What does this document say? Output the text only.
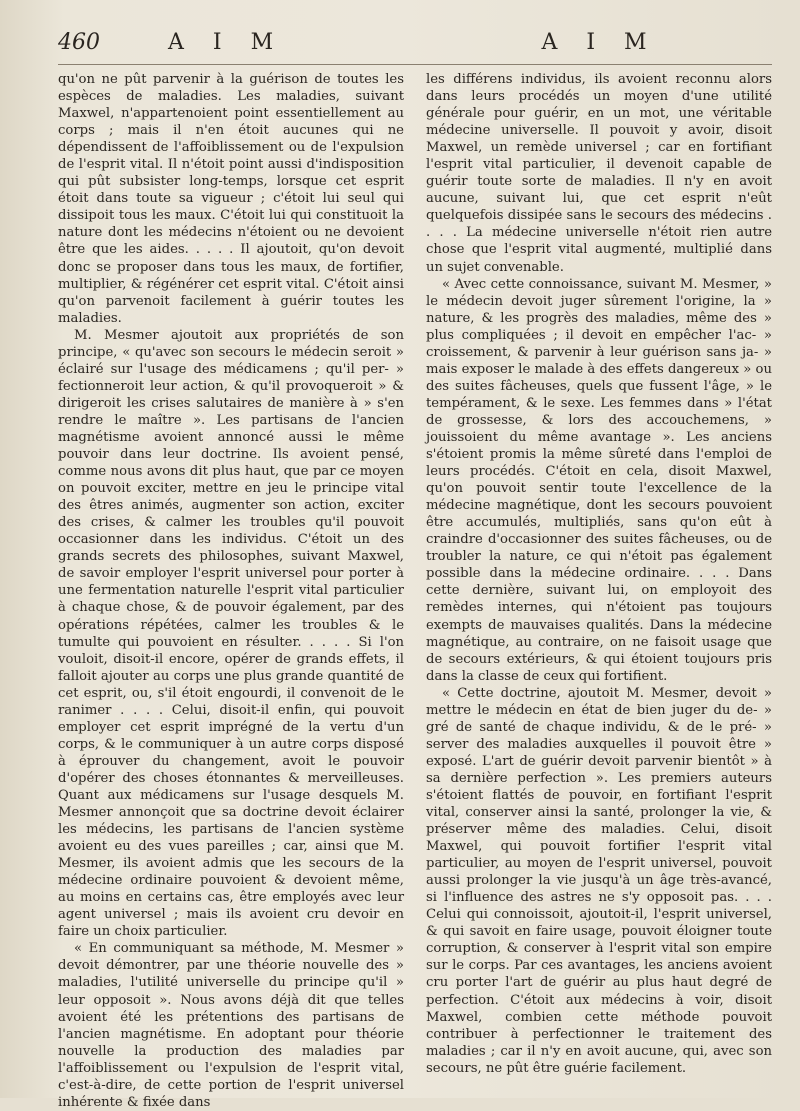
460	A I M	A I M

qu'on ne pût parvenir à la guérison de toutes les espèces de maladies. Les maladies, suivant Maxwel, n'appartenoient point essentiellement au corps ; mais il n'en étoit aucunes qui ne dépendissent de l'affoiblissement ou de l'expulsion de l'esprit vital. Il n'étoit point aussi d'indisposition qui pût subsister long-temps, lorsque cet esprit étoit dans toute sa vigueur ; c'étoit lui seul qui dissipoit tous les maux. C'étoit lui qui constituoit la nature dont les médecins n'étoient ou ne devoient être que les aides. . . . . Il ajoutoit, qu'on devoit donc se proposer dans tous les maux, de fortifier, multiplier, & régénérer cet esprit vital. C'étoit ainsi qu'on parvenoit facilement à guérir toutes les maladies.

M. Mesmer ajoutoit aux propriétés de son principe, « qu'avec son secours le médecin seroit » éclairé sur l'usage des médicamens ; qu'il per- » fectionneroit leur action, & qu'il provoqueroit » & dirigeroit les crises salutaires de manière à » s'en rendre le maître ». Les partisans de l'ancien magnétisme avoient annoncé aussi le même pouvoir dans leur doctrine. Ils avoient pensé, comme nous avons dit plus haut, que par ce moyen on pouvoit exciter, mettre en jeu le principe vital des êtres animés, augmenter son action, exciter des crises, & calmer les troubles qu'il pouvoit occasionner dans les individus. C'étoit un des grands secrets des philosophes, suivant Maxwel, de savoir employer l'esprit universel pour porter à une fermentation naturelle l'esprit vital particulier à chaque chose, & de pouvoir également, par des opérations répétées, calmer les troubles & le tumulte qui pouvoient en résulter. . . . . Si l'on vouloit, disoit-il encore, opérer de grands effets, il falloit ajouter au corps une plus grande quantité de cet esprit, ou, s'il étoit engourdi, il convenoit de le ranimer . . . . Celui, disoit-il enfin, qui pouvoit employer cet esprit imprégné de la vertu d'un corps, & le communiquer à un autre corps disposé à éprouver du changement, avoit le pouvoir d'opérer des choses étonnantes & merveilleuses. Quant aux médicamens sur l'usage desquels M. Mesmer annonçoit que sa doctrine devoit éclairer les médecins, les partisans de l'ancien système avoient eu des vues pareilles ; car, ainsi que M. Mesmer, ils avoient admis que les secours de la médecine ordinaire pouvoient & devoient même, au moins en certains cas, être employés avec leur agent universel ; mais ils avoient cru devoir en faire un choix particulier.

« En communiquant sa méthode, M. Mesmer » devoit démontrer, par une théorie nouvelle des » maladies, l'utilité universelle du principe qu'il » leur opposoit ». Nous avons déjà dit que telles avoient été les prétentions des partisans de l'ancien magnétisme. En adoptant pour théorie nouvelle la production des maladies par l'affoiblissement ou l'expulsion de l'esprit vital, c'est-à-dire, de cette portion de l'esprit universel inhérente & fixée dans

les différens individus, ils avoient reconnu alors dans leurs procédés un moyen d'une utilité générale pour guérir, en un mot, une véritable médecine universelle. Il pouvoit y avoir, disoit Maxwel, un remède universel ; car en fortifiant l'esprit vital particulier, il devenoit capable de guérir toute sorte de maladies. Il n'y en avoit aucune, suivant lui, que cet esprit n'eût quelquefois dissipée sans le secours des médecins . . . . La médecine universelle n'étoit rien autre chose que l'esprit vital augmenté, multiplié dans un sujet convenable.

« Avec cette connoissance, suivant M. Mesmer, » le médecin devoit juger sûrement l'origine, la » nature, & les progrès des maladies, même des » plus compliquées ; il devoit en empêcher l'ac- » croissement, & parvenir à leur guérison sans ja- » mais exposer le malade à des effets dangereux » ou des suites fâcheuses, quels que fussent l'âge, » le tempérament, & le sexe. Les femmes dans » l'état de grossesse, & lors des accouchemens, » jouissoient du même avantage ». Les anciens s'étoient promis la même sûreté dans l'emploi de leurs procédés. C'étoit en cela, disoit Maxwel, qu'on pouvoit sentir toute l'excellence de la médecine magnétique, dont les secours pouvoient être accumulés, multipliés, sans qu'on eût à craindre d'occasionner des suites fâcheuses, ou de troubler la nature, ce qui n'étoit pas également possible dans la médecine ordinaire. . . . Dans cette dernière, suivant lui, on employoit des remèdes internes, qui n'étoient pas toujours exempts de mauvaises qualités. Dans la médecine magnétique, au contraire, on ne faisoit usage que de secours extérieurs, & qui étoient toujours pris dans la classe de ceux qui fortifient.

« Cette doctrine, ajoutoit M. Mesmer, devoit » mettre le médecin en état de bien juger du de- » gré de santé de chaque individu, & de le pré- » server des maladies auxquelles il pouvoit être » exposé. L'art de guérir devoit parvenir bientôt » à sa dernière perfection ». Les premiers auteurs s'étoient flattés de pouvoir, en fortifiant l'esprit vital, conserver ainsi la santé, prolonger la vie, & préserver même des maladies. Celui, disoit Maxwel, qui pouvoit fortifier l'esprit vital particulier, au moyen de l'esprit universel, pouvoit aussi prolonger la vie jusqu'à un âge très-avancé, si l'influence des astres ne s'y opposoit pas. . . . Celui qui connoissoit, ajoutoit-il, l'esprit universel, & qui savoit en faire usage, pouvoit éloigner toute corruption, & conserver à l'esprit vital son empire sur le corps. Par ces avantages, les anciens avoient cru porter l'art de guérir au plus haut degré de perfection. C'étoit aux médecins à voir, disoit Maxwel, combien cette méthode pouvoit contribuer à perfectionner le traitement des maladies ; car il n'y en avoit aucune, qui, avec son secours, ne pût être guérie facilement.
